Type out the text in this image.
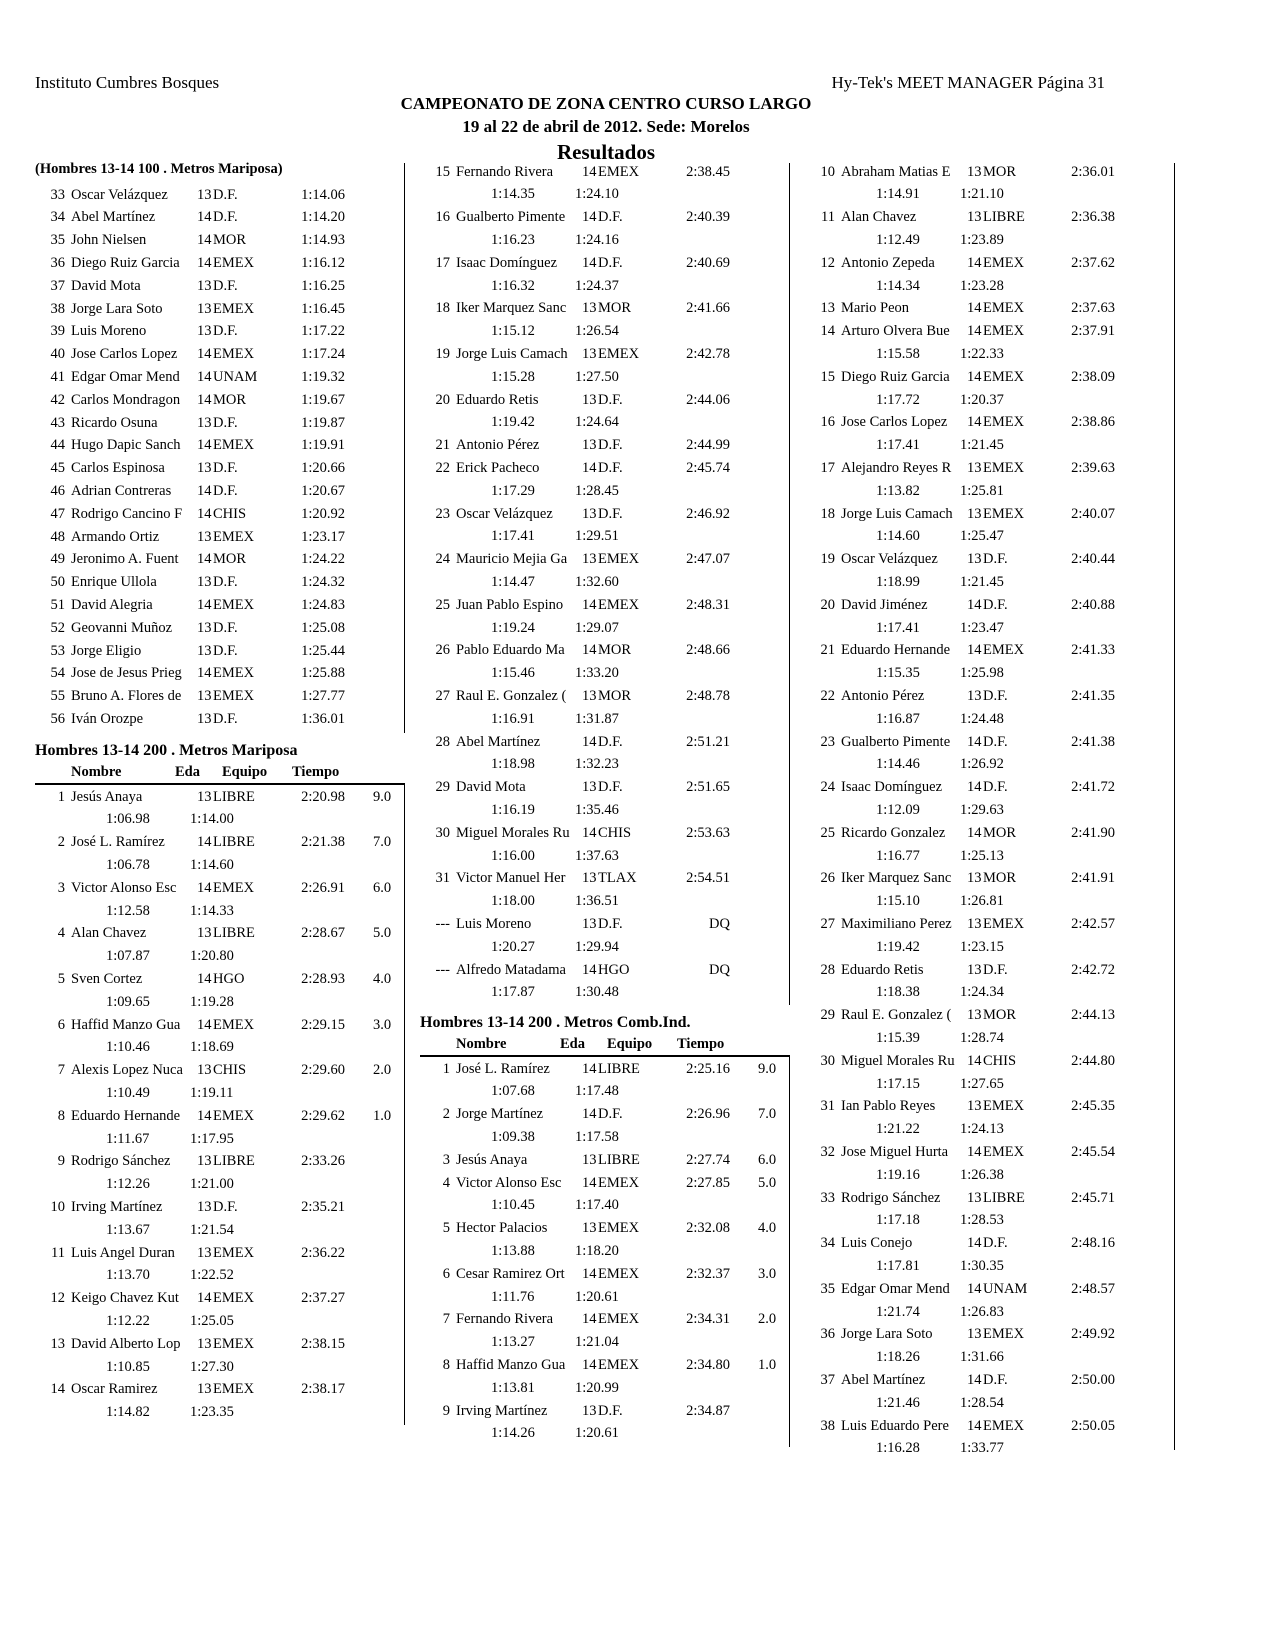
Instituto Cumbres Bosques	Hy-Tek's MEET MANAGER Página 31
CAMPEONATO DE ZONA CENTRO CURSO LARGO
19 al 22 de abril de 2012. Sede: Morelos
Resultados
(Hombres 13-14 100 . Metros Mariposa)
33 Oscar Velázquez	13 D.F.	1:14.06
34 Abel Martínez	14 D.F.	1:14.20
35 John Nielsen	14 MOR	1:14.93
36 Diego Ruiz Garcia	14 EMEX	1:16.12
37 David Mota	13 D.F.	1:16.25
38 Jorge Lara Soto	13 EMEX	1:16.45
39 Luis Moreno	13 D.F.	1:17.22
40 Jose Carlos Lopez	14 EMEX	1:17.24
41 Edgar Omar Mend	14 UNAM	1:19.32
42 Carlos Mondragon	14 MOR	1:19.67
43 Ricardo Osuna	13 D.F.	1:19.87
44 Hugo Dapic Sanch	14 EMEX	1:19.91
45 Carlos Espinosa	13 D.F.	1:20.66
46 Adrian Contreras	14 D.F.	1:20.67
47 Rodrigo Cancino F	14 CHIS	1:20.92
48 Armando Ortiz	13 EMEX	1:23.17
49 Jeronimo A. Fuent	14 MOR	1:24.22
50 Enrique Ullola	13 D.F.	1:24.32
51 David Alegria	14 EMEX	1:24.83
52 Geovanni Muñoz	13 D.F.	1:25.08
53 Jorge Eligio	13 D.F.	1:25.44
54 Jose de Jesus Prieg	14 EMEX	1:25.88
55 Bruno A. Flores de	13 EMEX	1:27.77
56 Iván Orozpe	13 D.F.	1:36.01
Hombres 13-14 200 . Metros Mariposa
Nombre	Eda Equipo Tiempo
1 Jesús Anaya	13 LIBRE	2:20.98 9.0
1:06.98	1:14.00
2 José L. Ramírez	14 LIBRE	2:21.38 7.0
1:06.78	1:14.60
3 Victor Alonso Esc	14 EMEX	2:26.91 6.0
1:12.58	1:14.33
4 Alan Chavez	13 LIBRE	2:28.67 5.0
1:07.87	1:20.80
5 Sven Cortez	14 HGO	2:28.93 4.0
1:09.65	1:19.28
6 Haffid Manzo Gua	14 EMEX	2:29.15 3.0
1:10.46	1:18.69
7 Alexis Lopez Nuca 13 CHIS	2:29.60 2.0
1:10.49	1:19.11
8 Eduardo Hernande	14 EMEX	2:29.62 1.0
1:11.67	1:17.95
9 Rodrigo Sánchez	13 LIBRE	2:33.26
1:12.26	1:21.00
10 Irving Martínez	13 D.F.	2:35.21
1:13.67	1:21.54
11 Luis Angel Duran	13 EMEX	2:36.22
1:13.70	1:22.52
12 Keigo Chavez Kut	14 EMEX	2:37.27
1:12.22	1:25.05
13 David Alberto Lop	13 EMEX	2:38.15
1:10.85	1:27.30
14 Oscar Ramirez	13 EMEX	2:38.17
1:14.82	1:23.35
15 Fernando Rivera	14 EMEX	2:38.45
1:14.35	1:24.10
16 Gualberto Pimente	14 D.F.	2:40.39
1:16.23	1:24.16
17 Isaac Domínguez	14 D.F.	2:40.69
1:16.32	1:24.37
18 Iker Marquez Sanc	13 MOR	2:41.66
1:15.12	1:26.54
19 Jorge Luis Camach 13 EMEX	2:42.78
1:15.28	1:27.50
20 Eduardo Retis	13 D.F.	2:44.06
1:19.42	1:24.64
21 Antonio Pérez	13 D.F.	2:44.99
22 Erick Pacheco	14 D.F.	2:45.74
1:17.29	1:28.45
23 Oscar Velázquez	13 D.F.	2:46.92
1:17.41	1:29.51
24 Mauricio Mejia Ga	13 EMEX	2:47.07
1:14.47	1:32.60
25 Juan Pablo Espino	14 EMEX	2:48.31
1:19.24	1:29.07
26 Pablo Eduardo Ma	14 MOR	2:48.66
1:15.46	1:33.20
27 Raul E. Gonzalez (	13 MOR	2:48.78
1:16.91	1:31.87
28 Abel Martínez	14 D.F.	2:51.21
1:18.98	1:32.23
29 David Mota	13 D.F.	2:51.65
1:16.19	1:35.46
30 Miguel Morales Ru 14 CHIS	2:53.63
1:16.00	1:37.63
31 Victor Manuel Her	13 TLAX	2:54.51
1:18.00	1:36.51
--- Luis Moreno	13 D.F.	DQ
1:20.27	1:29.94
--- Alfredo Matadama	14 HGO	DQ
1:17.87	1:30.48
Hombres 13-14 200 . Metros Comb.Ind.
Nombre	Eda Equipo Tiempo
1 José L. Ramírez	14 LIBRE	2:25.16 9.0
1:07.68	1:17.48
2 Jorge Martínez	14 D.F.	2:26.96 7.0
1:09.38	1:17.58
3 Jesús Anaya	13 LIBRE	2:27.74 6.0
4 Victor Alonso Esc	14 EMEX	2:27.85 5.0
1:10.45	1:17.40
5 Hector Palacios	13 EMEX	2:32.08 4.0
1:13.88	1:18.20
6 Cesar Ramirez Ort	14 EMEX	2:32.37 3.0
1:11.76	1:20.61
7 Fernando Rivera	14 EMEX	2:34.31 2.0
1:13.27	1:21.04
8 Haffid Manzo Gua	14 EMEX	2:34.80 1.0
1:13.81	1:20.99
9 Irving Martínez	13 D.F.	2:34.87
1:14.26	1:20.61
10 Abraham Matias E	13 MOR	2:36.01
1:14.91	1:21.10
11 Alan Chavez	13 LIBRE	2:36.38
1:12.49	1:23.89
12 Antonio Zepeda	14 EMEX	2:37.62
1:14.34	1:23.28
13 Mario Peon	14 EMEX	2:37.63
14 Arturo Olvera Bue	14 EMEX	2:37.91
1:15.58	1:22.33
15 Diego Ruiz Garcia	14 EMEX	2:38.09
1:17.72	1:20.37
16 Jose Carlos Lopez	14 EMEX	2:38.86
1:17.41	1:21.45
17 Alejandro Reyes R	13 EMEX	2:39.63
1:13.82	1:25.81
18 Jorge Luis Camach 13 EMEX	2:40.07
1:14.60	1:25.47
19 Oscar Velázquez	13 D.F.	2:40.44
1:18.99	1:21.45
20 David Jiménez	14 D.F.	2:40.88
1:17.41	1:23.47
21 Eduardo Hernande	14 EMEX	2:41.33
1:15.35	1:25.98
22 Antonio Pérez	13 D.F.	2:41.35
1:16.87	1:24.48
23 Gualberto Pimente	14 D.F.	2:41.38
1:14.46	1:26.92
24 Isaac Domínguez	14 D.F.	2:41.72
1:12.09	1:29.63
25 Ricardo Gonzalez	14 MOR	2:41.90
1:16.77	1:25.13
26 Iker Marquez Sanc	13 MOR	2:41.91
1:15.10	1:26.81
27 Maximiliano Perez	13 EMEX	2:42.57
1:19.42	1:23.15
28 Eduardo Retis	13 D.F.	2:42.72
1:18.38	1:24.34
29 Raul E. Gonzalez (	13 MOR	2:44.13
1:15.39	1:28.74
30 Miguel Morales Ru 14 CHIS	2:44.80
1:17.15	1:27.65
31 Ian Pablo Reyes	13 EMEX	2:45.35
1:21.22	1:24.13
32 Jose Miguel Hurta	14 EMEX	2:45.54
1:19.16	1:26.38
33 Rodrigo Sánchez	13 LIBRE	2:45.71
1:17.18	1:28.53
34 Luis Conejo	14 D.F.	2:48.16
1:17.81	1:30.35
35 Edgar Omar Mend	14 UNAM	2:48.57
1:21.74	1:26.83
36 Jorge Lara Soto	13 EMEX	2:49.92
1:18.26	1:31.66
37 Abel Martínez	14 D.F.	2:50.00
1:21.46	1:28.54
38 Luis Eduardo Pere	14 EMEX	2:50.05
1:16.28	1:33.77
